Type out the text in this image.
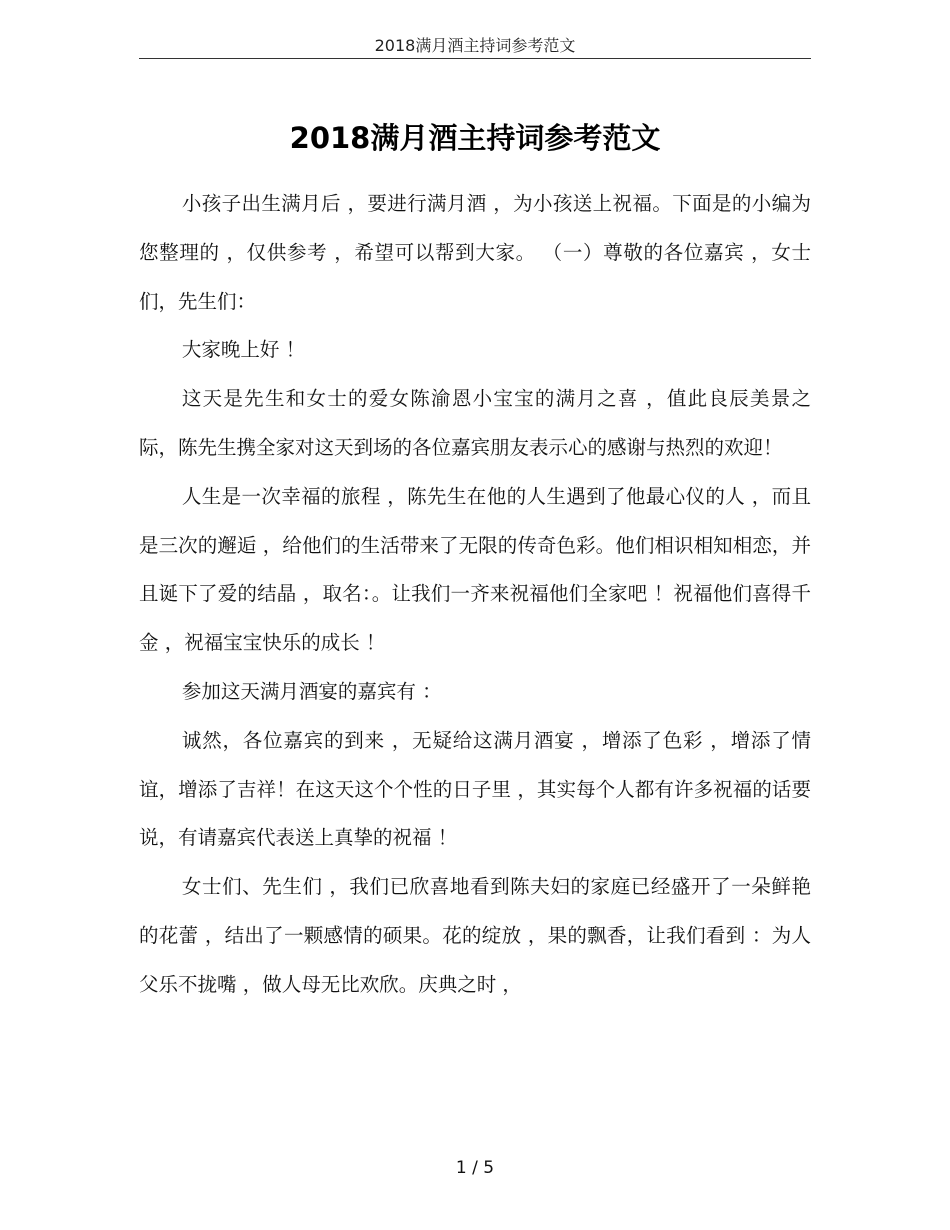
2018满月酒主持词参考范文
2018满月酒主持词参考范文

小孩子出生满月后 ，要进行满月酒 ，为小孩送上祝福。下面是的小编为您整理的 ，仅供参考 ，希望可以帮到大家。 （一）尊敬的各位嘉宾 ，女士们，先生们：

大家晚上好 ！

这天是先生和女士的爱女陈渝恩小宝宝的满月之喜 ，值此良辰美景之际，陈先生携全家对这天到场的各位嘉宾朋友表示心的感谢与热烈的欢迎！

人生是一次幸福的旅程 ，陈先生在他的人生遇到了他最心仪的人 ，而且是三次的邂逅 ，给他们的生活带来了无限的传奇色彩。他们相识相知相恋，并且诞下了爱的结晶 ，取名：。让我们一齐来祝福他们全家吧 ！祝福他们喜得千金 ，祝福宝宝快乐的成长 ！

参加这天满月酒宴的嘉宾有 ：

诚然，各位嘉宾的到来 ，无疑给这满月酒宴 ，增添了色彩 ，增添了情谊，增添了吉祥！在这天这个个性的日子里 ，其实每个人都有许多祝福的话要说，有请嘉宾代表送上真挚的祝福 ！

女士们、先生们 ，我们已欣喜地看到陈夫妇的家庭已经盛开了一朵鲜艳的花蕾 ，结出了一颗感情的硕果。花的绽放 ，果的飘香，让我们看到 ：为人父乐不拢嘴 ，做人母无比欢欣。庆典之时 ，

1 / 5
